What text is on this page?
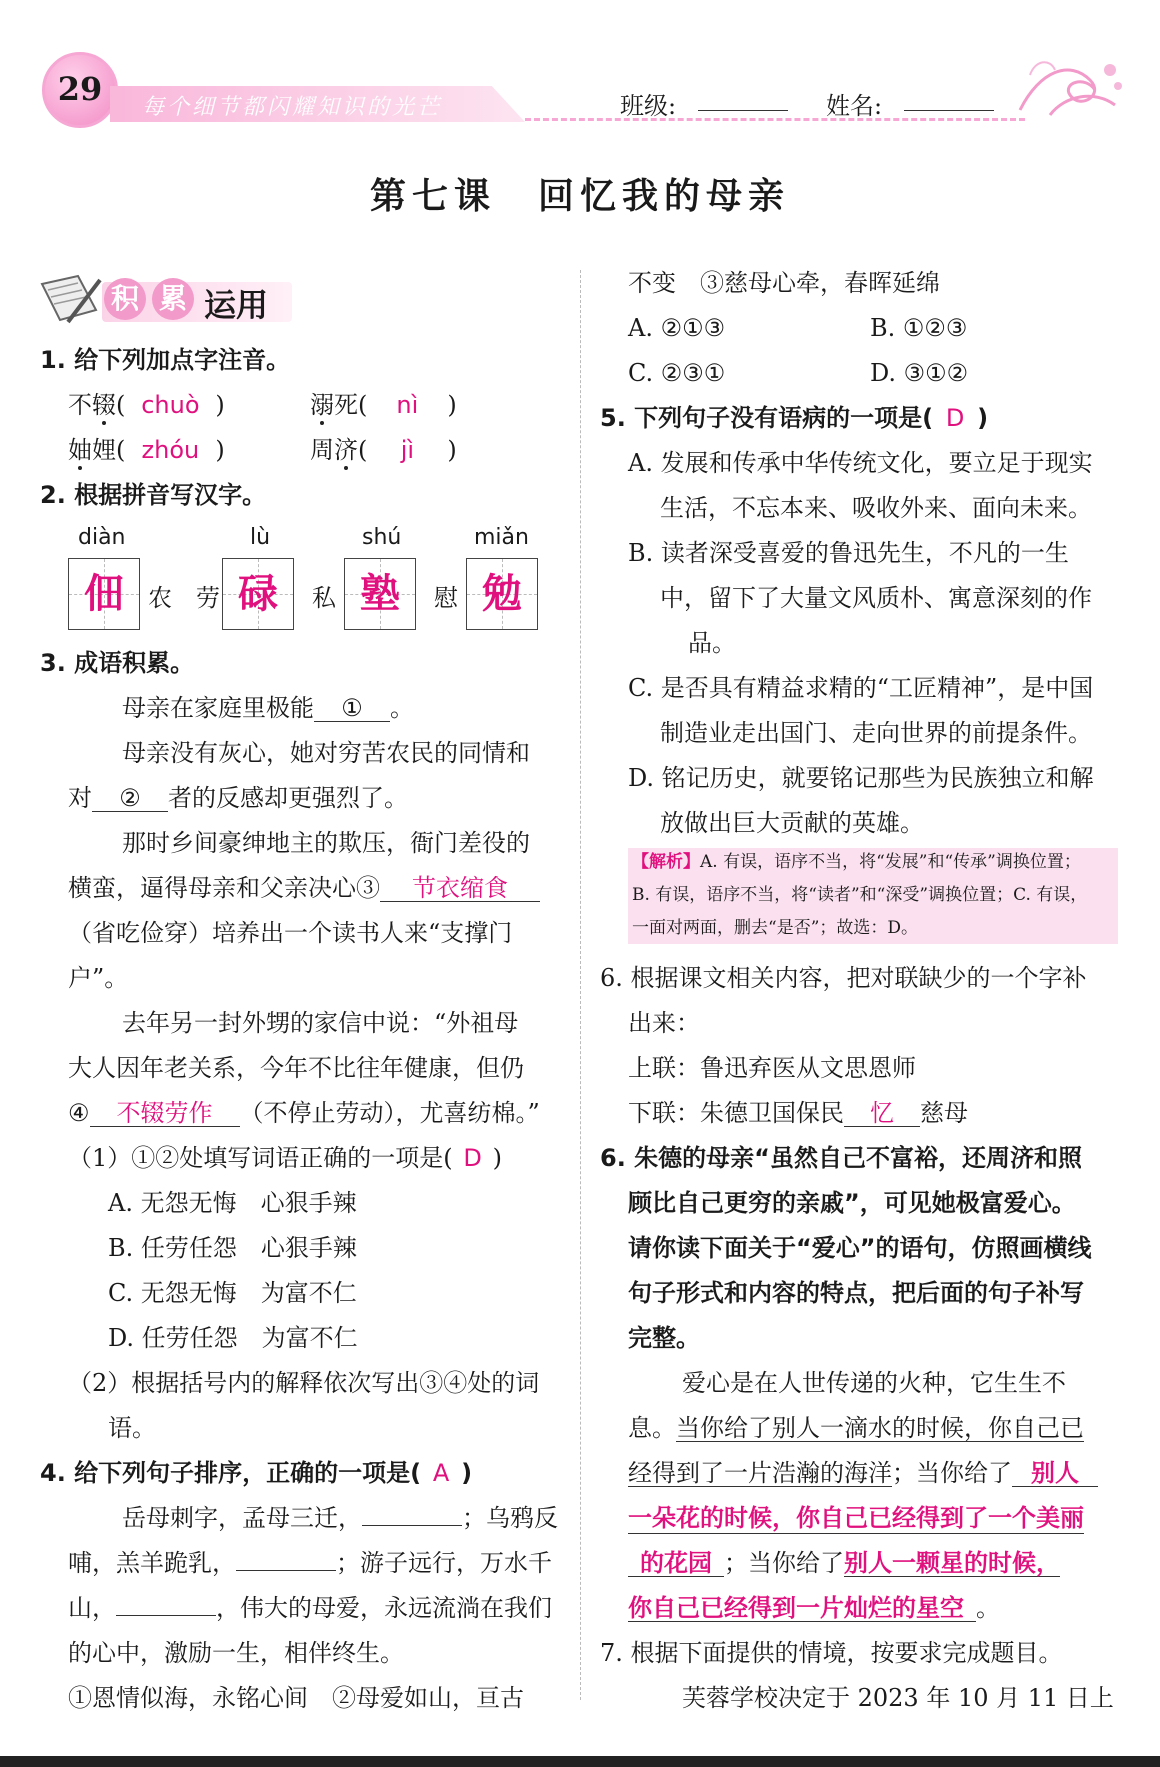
29	每个细节都闪耀知识的光芒	班级:	姓名:
第七课　回忆我的母亲
积 累 运用
1. 给下列加点字注音。
不辍( chuò )	溺死( nì )
妯娌( zhóu )	周济( jì )
2. 根据拼音写汉字。
diàn	lù	shú	miǎn
佃	农　劳 碌	私 塾	慰 勉
3. 成语积累。
母亲在家庭里极能 ① 。
母亲没有灰心，她对穷苦农民的同情和
对 ② 者的反感却更强烈了。
那时乡间豪绅地主的欺压，衙门差役的
横蛮，逼得母亲和父亲决心③ 节衣缩食
（省吃俭穿）培养出一个读书人来“支撑门
户”。
去年另一封外甥的家信中说：“外祖母
大人因年老关系，今年不比往年健康，但仍
④ 不辍劳作 （不停止劳动），尤喜纺棉。”
（1）①②处填写词语正确的一项是( D )
A. 无怨无悔　心狠手辣
B. 任劳任怨　心狠手辣
C. 无怨无悔　为富不仁
D. 任劳任怨　为富不仁
（2）根据括号内的解释依次写出③④处的词
语。
4. 给下列句子排序，正确的一项是( A )
岳母刺字，孟母三迁，	；乌鸦反
哺，羔羊跪乳，	；游子远行，万水千
山，	，伟大的母爱，永远流淌在我们
的心中，激励一生，相伴终生。
①恩情似海，永铭心间　②母爱如山，亘古
不变　③慈母心牵，春晖延绵
A. ②①③	B. ①②③
C. ②③①	D. ③①②
5. 下列句子没有语病的一项是( D )
A. 发展和传承中华传统文化，要立足于现实
生活，不忘本来、吸收外来、面向未来。
B. 读者深受喜爱的鲁迅先生，不凡的一生
中，留下了大量文风质朴、寓意深刻的作
品。
C. 是否具有精益求精的“工匠精神”，是中国
制造业走出国门、走向世界的前提条件。
D. 铭记历史，就要铭记那些为民族独立和解
放做出巨大贡献的英雄。
【解析】A. 有误，语序不当，将“发展”和“传承”调换位置；
B. 有误，语序不当，将“读者”和“深受”调换位置；C. 有误，
一面对两面，删去“是否”；故选：D。
6. 根据课文相关内容，把对联缺少的一个字补
出来：
上联：鲁迅弃医从文思恩师
下联：朱德卫国保民 忆 慈母
6. 朱德的母亲“虽然自己不富裕，还周济和照
顾比自己更穷的亲戚”，可见她极富爱心。
请你读下面关于“爱心”的语句，仿照画横线
句子形式和内容的特点，把后面的句子补写
完整。
爱心是在人世传递的火种，它生生不
息。当你给了别人一滴水的时候，你自己已
经得到了一片浩瀚的海洋；当你给了 别人
一朵花的时候，你自己已经得到了一个美丽
的花园 ；当你给了别人一颗星的时候，
你自己已经得到一片灿烂的星空 。
7. 根据下面提供的情境，按要求完成题目。
芙蓉学校决定于 2023 年 10 月 11 日上
